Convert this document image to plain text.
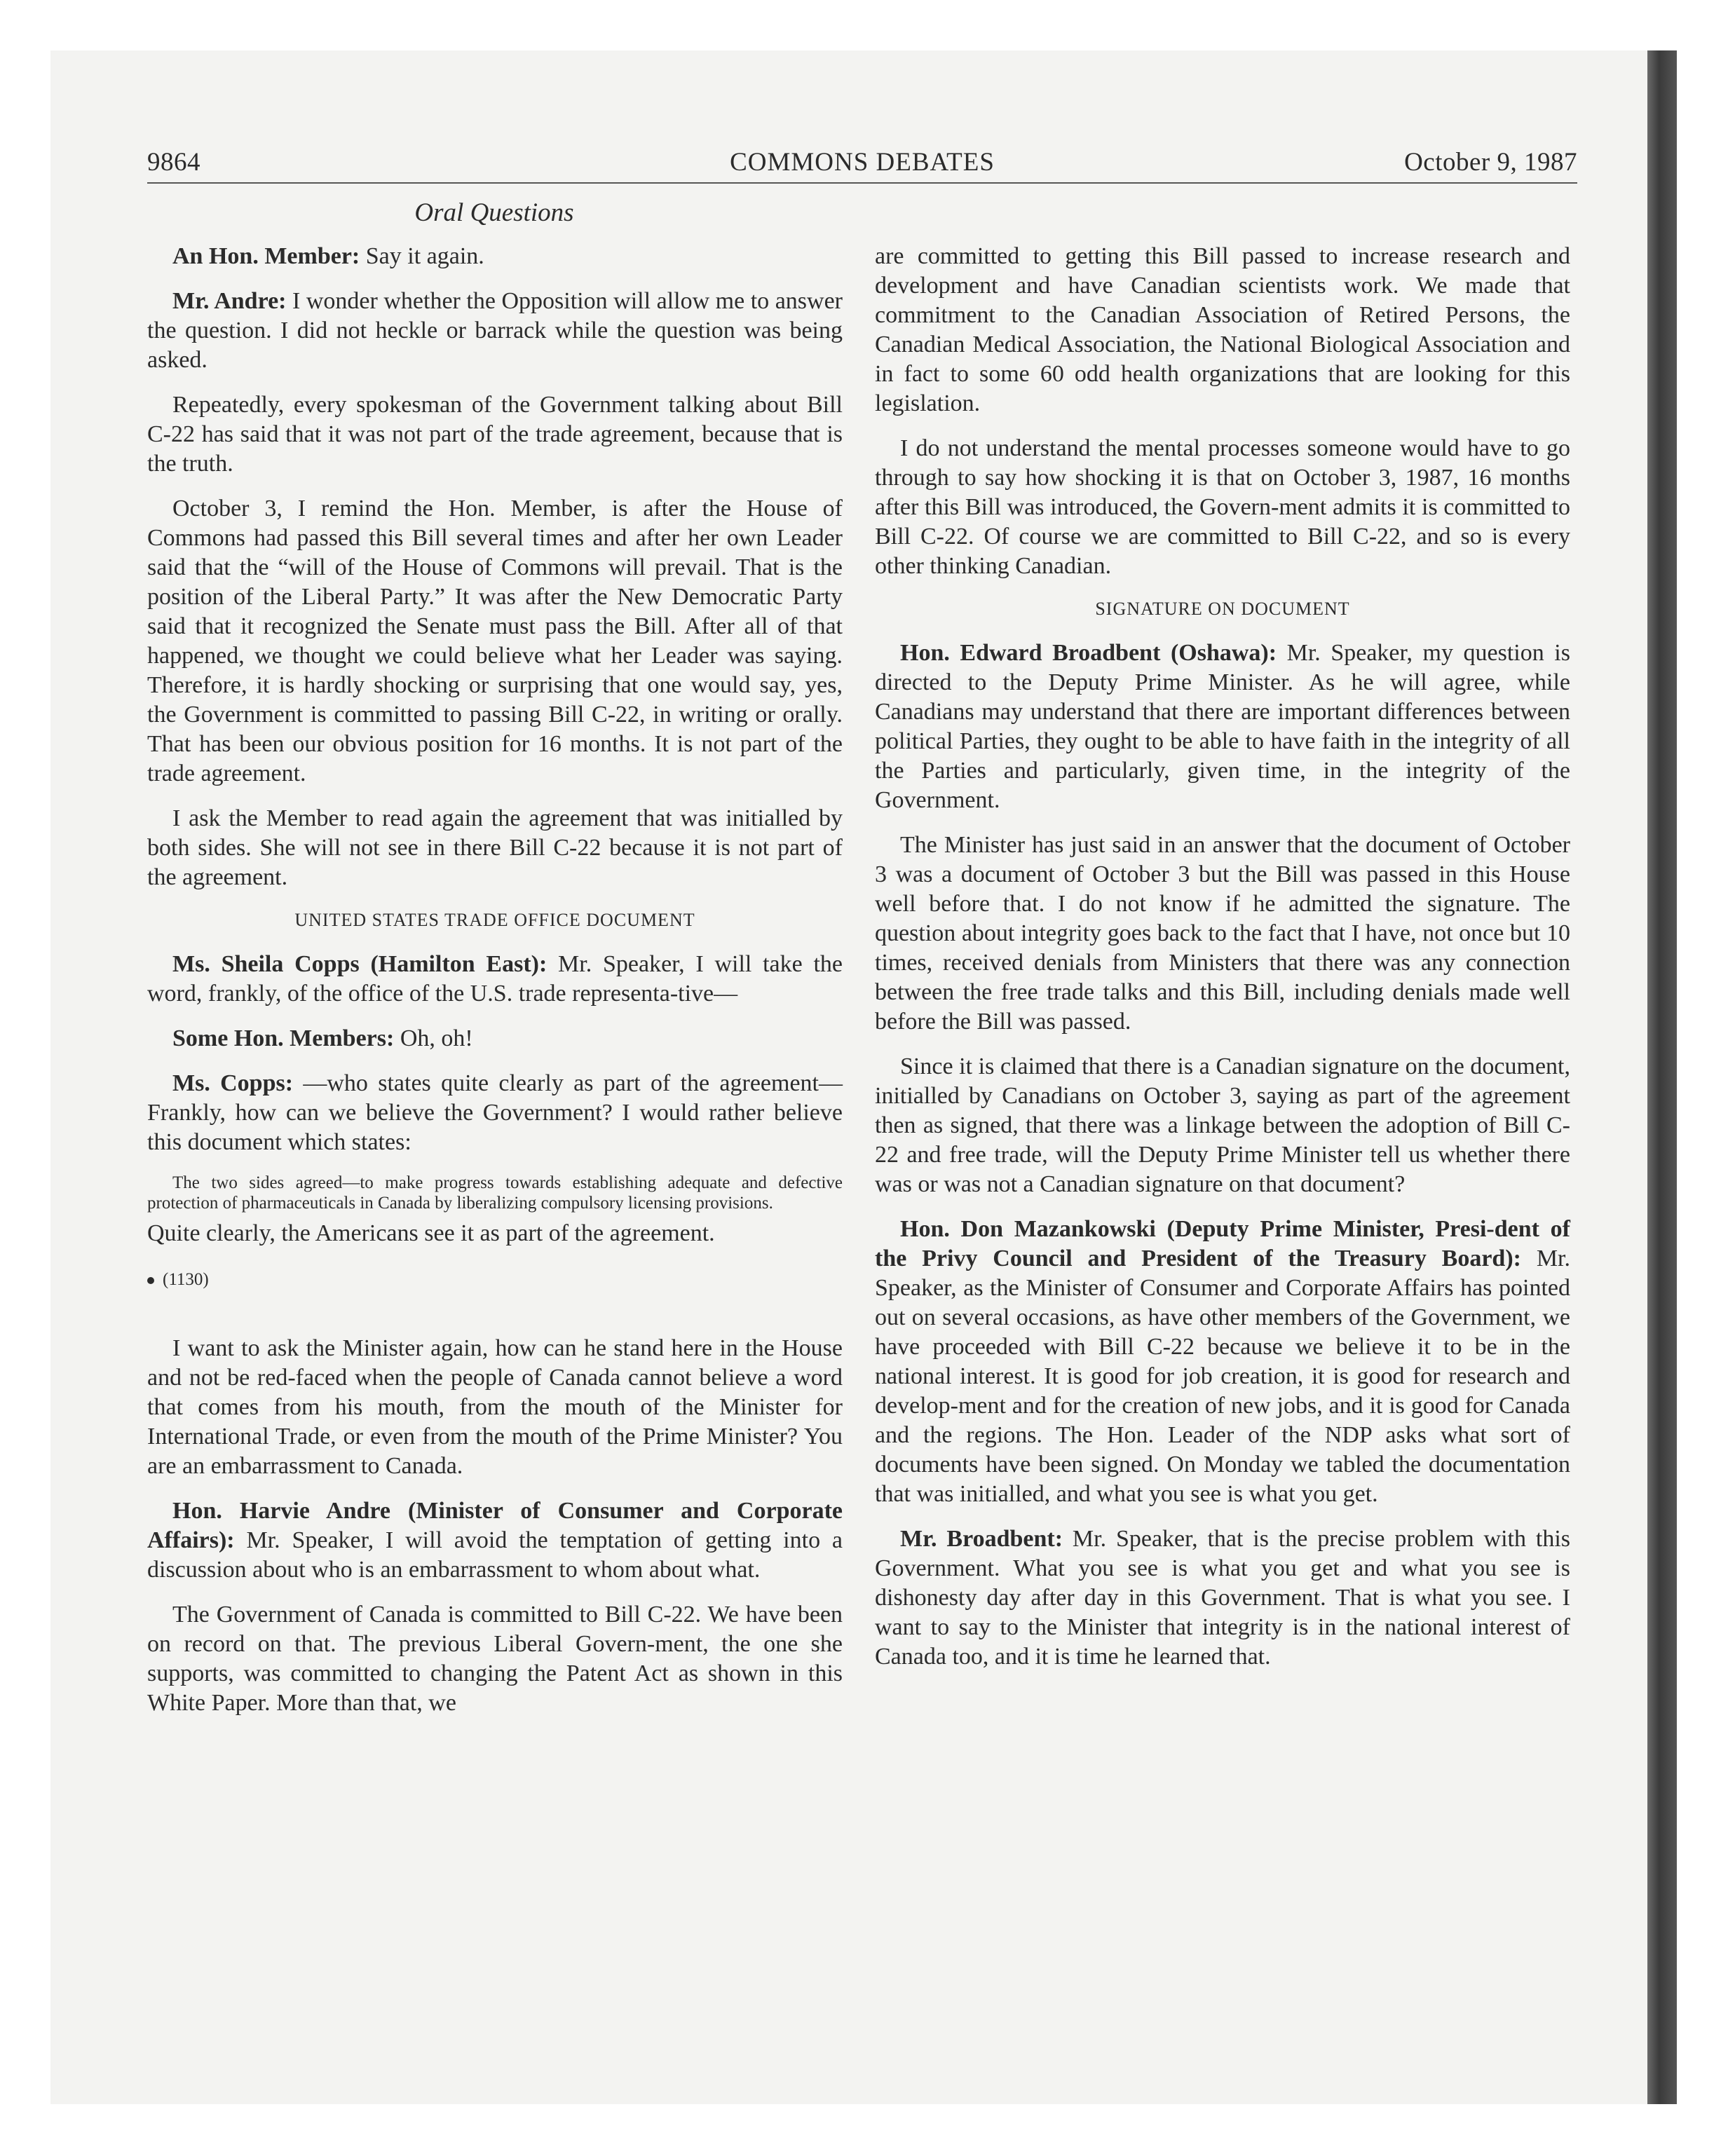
9864	COMMONS DEBATES	October 9, 1987
Oral Questions

An Hon. Member: Say it again.

Mr. Andre: I wonder whether the Opposition will allow me to answer the question. I did not heckle or barrack while the question was being asked.

Repeatedly, every spokesman of the Government talking about Bill C-22 has said that it was not part of the trade agreement, because that is the truth.

October 3, I remind the Hon. Member, is after the House of Commons had passed this Bill several times and after her own Leader said that the “will of the House of Commons will prevail. That is the position of the Liberal Party.” It was after the New Democratic Party said that it recognized the Senate must pass the Bill. After all of that happened, we thought we could believe what her Leader was saying. Therefore, it is hardly shocking or surprising that one would say, yes, the Government is committed to passing Bill C-22, in writing or orally. That has been our obvious position for 16 months. It is not part of the trade agreement.

I ask the Member to read again the agreement that was initialled by both sides. She will not see in there Bill C-22 because it is not part of the agreement.

UNITED STATES TRADE OFFICE DOCUMENT

Ms. Sheila Copps (Hamilton East): Mr. Speaker, I will take the word, frankly, of the office of the U.S. trade representa-tive—

Some Hon. Members: Oh, oh!

Ms. Copps: —who states quite clearly as part of the agreement—Frankly, how can we believe the Government? I would rather believe this document which states:

The two sides agreed—to make progress towards establishing adequate and defective protection of pharmaceuticals in Canada by liberalizing compulsory licensing provisions.

Quite clearly, the Americans see it as part of the agreement.

(1130)

I want to ask the Minister again, how can he stand here in the House and not be red-faced when the people of Canada cannot believe a word that comes from his mouth, from the mouth of the Minister for International Trade, or even from the mouth of the Prime Minister? You are an embarrassment to Canada.

Hon. Harvie Andre (Minister of Consumer and Corporate Affairs): Mr. Speaker, I will avoid the temptation of getting into a discussion about who is an embarrassment to whom about what.

The Government of Canada is committed to Bill C-22. We have been on record on that. The previous Liberal Govern-ment, the one she supports, was committed to changing the Patent Act as shown in this White Paper. More than that, we

are committed to getting this Bill passed to increase research and development and have Canadian scientists work. We made that commitment to the Canadian Association of Retired Persons, the Canadian Medical Association, the National Biological Association and in fact to some 60 odd health organizations that are looking for this legislation.

I do not understand the mental processes someone would have to go through to say how shocking it is that on October 3, 1987, 16 months after this Bill was introduced, the Govern-ment admits it is committed to Bill C-22. Of course we are committed to Bill C-22, and so is every other thinking Canadian.

SIGNATURE ON DOCUMENT

Hon. Edward Broadbent (Oshawa): Mr. Speaker, my question is directed to the Deputy Prime Minister. As he will agree, while Canadians may understand that there are important differences between political Parties, they ought to be able to have faith in the integrity of all the Parties and particularly, given time, in the integrity of the Government.

The Minister has just said in an answer that the document of October 3 was a document of October 3 but the Bill was passed in this House well before that. I do not know if he admitted the signature. The question about integrity goes back to the fact that I have, not once but 10 times, received denials from Ministers that there was any connection between the free trade talks and this Bill, including denials made well before the Bill was passed.

Since it is claimed that there is a Canadian signature on the document, initialled by Canadians on October 3, saying as part of the agreement then as signed, that there was a linkage between the adoption of Bill C-22 and free trade, will the Deputy Prime Minister tell us whether there was or was not a Canadian signature on that document?

Hon. Don Mazankowski (Deputy Prime Minister, Presi-dent of the Privy Council and President of the Treasury Board): Mr. Speaker, as the Minister of Consumer and Corporate Affairs has pointed out on several occasions, as have other members of the Government, we have proceeded with Bill C-22 because we believe it to be in the national interest. It is good for job creation, it is good for research and develop-ment and for the creation of new jobs, and it is good for Canada and the regions. The Hon. Leader of the NDP asks what sort of documents have been signed. On Monday we tabled the documentation that was initialled, and what you see is what you get.

Mr. Broadbent: Mr. Speaker, that is the precise problem with this Government. What you see is what you get and what you see is dishonesty day after day in this Government. That is what you see. I want to say to the Minister that integrity is in the national interest of Canada too, and it is time he learned that.
